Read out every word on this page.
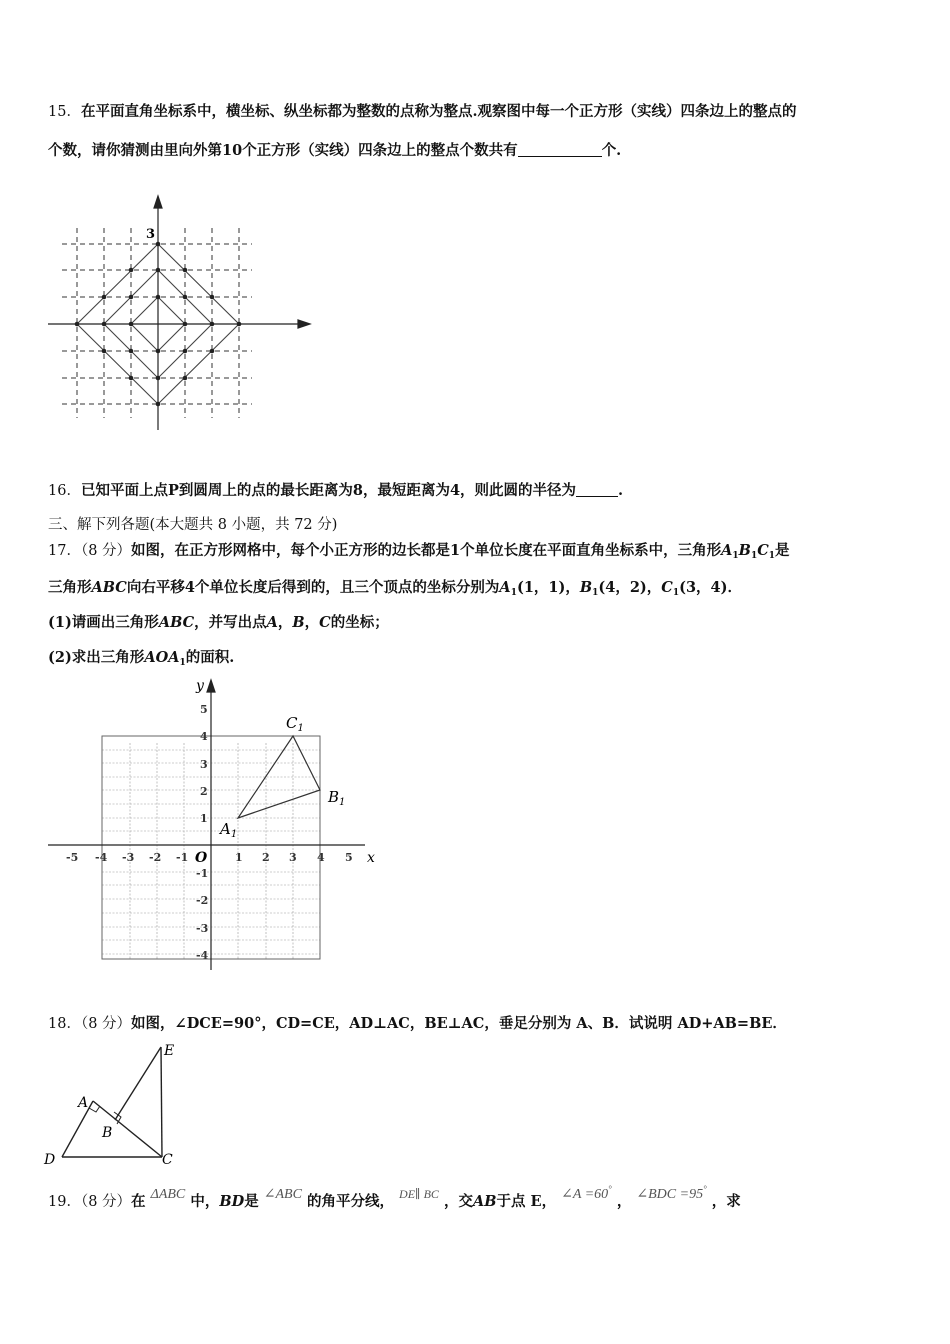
15．在平面直角坐标系中，横坐标、纵坐标都为整数的点称为整点.观察图中每一个正方形（实线）四条边上的整点的
个数，请你猜测由里向外第10个正方形（实线）四条边上的整点个数共有	个.
3
16．已知平面上点P到圆周上的点的最长距离为8，最短距离为4，则此圆的半径为	.
三、解下列各题(本大题共 8 小题，共 72 分)
17．（8 分）如图，在正方形网格中，每个小正方形的边长都是1个单位长度在平面直角坐标系中，三角形$A_1B_1C_1$是
三角形ABC向右平移4个单位长度后得到的，且三个顶点的坐标分别为$A_1(1$，1)，$B_1(4$，2)，$C_1(3$，4)．
(1)请画出三角形ABC，并写出点A，B，C的坐标；
(2)求出三角形$AOA_1$的面积.
-5 -4 -3 -2 -1	1 2 3 4 5
5
4
3
2
1
-1
-2
-3
-4
O	x
y
$C_1$
$B_1$
$A_1$
18．（8 分）如图，∠DCE=90°，CD=CE，AD⊥AC，BE⊥AC，垂足分别为 A、B．试说明 AD+AB=BE．
E
A
B
D	C
19．（8 分）在 ΔABC 中，BD是 ∠ABC 的角平分线， $^{DE\parallel BC}$ ，交AB于点 E， ∠A =60° ， ∠BDC =95° ，求
